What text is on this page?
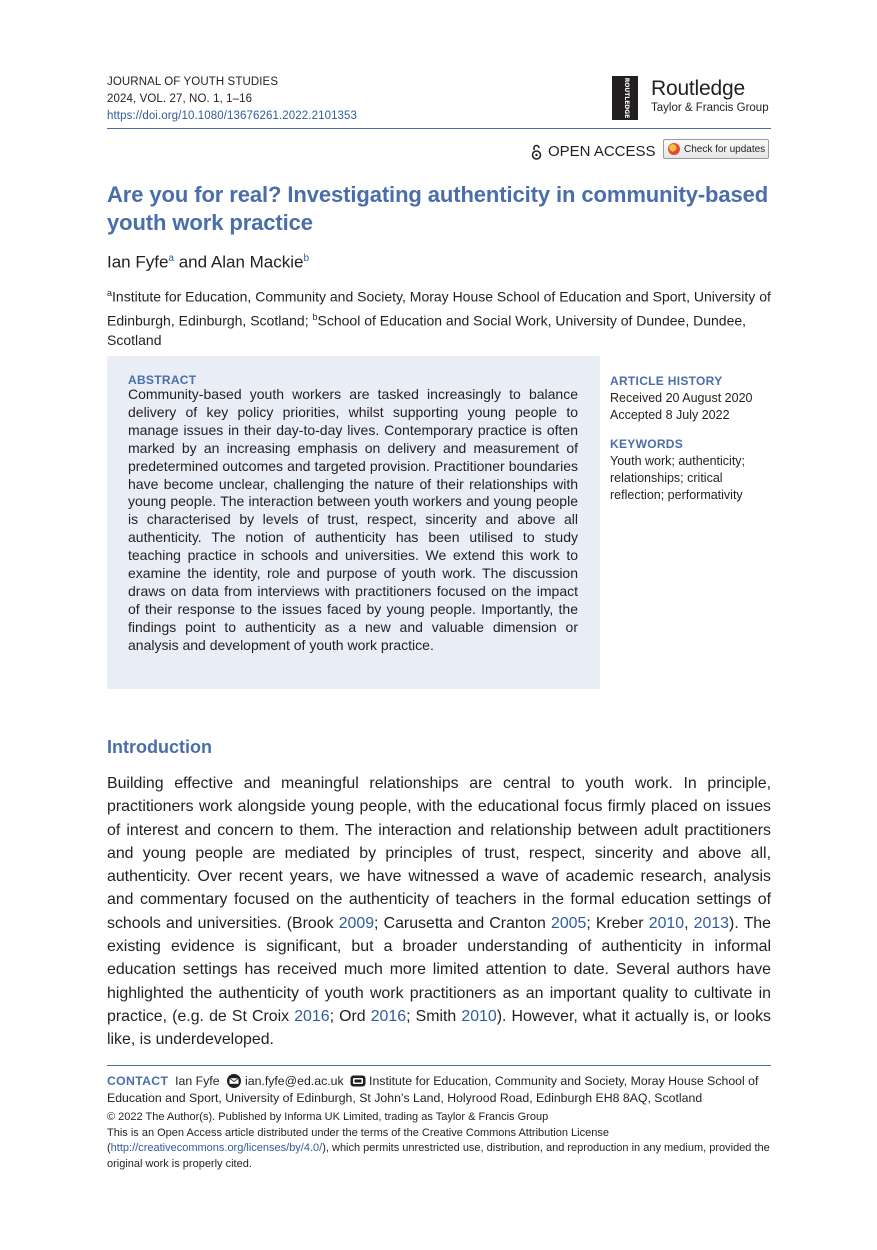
JOURNAL OF YOUTH STUDIES
2024, VOL. 27, NO. 1, 1–16
https://doi.org/10.1080/13676261.2022.2101353	ROUTLEDGE Routledge
Taylor & Francis Group
OPEN ACCESS	Check for updates
Are you for real? Investigating authenticity in community-based youth work practice
Ian Fyfe$^a$ and Alan Mackie$^b$
$^a$Institute for Education, Community and Society, Moray House School of Education and Sport, University of Edinburgh, Edinburgh, Scotland; $^b$School of Education and Social Work, University of Dundee, Dundee, Scotland
ABSTRACT
Community-based youth workers are tasked increasingly to balance delivery of key policy priorities, whilst supporting young people to manage issues in their day-to-day lives. Contemporary practice is often marked by an increasing emphasis on delivery and measurement of predetermined outcomes and targeted provision. Practitioner boundaries have become unclear, challenging the nature of their relationships with young people. The interaction between youth workers and young people is characterised by levels of trust, respect, sincerity and above all authenticity. The notion of authenticity has been utilised to study teaching practice in schools and universities. We extend this work to examine the identity, role and purpose of youth work. The discussion draws on data from interviews with practitioners focused on the impact of their response to the issues faced by young people. Importantly, the findings point to authenticity as a new and valuable dimension or analysis and development of youth work practice.
ARTICLE HISTORY
Received 20 August 2020
Accepted 8 July 2022
KEYWORDS
Youth work; authenticity; relationships; critical reflection; performativity
Introduction
Building effective and meaningful relationships are central to youth work. In principle, practitioners work alongside young people, with the educational focus firmly placed on issues of interest and concern to them. The interaction and relationship between adult practitioners and young people are mediated by principles of trust, respect, sincerity and above all, authenticity. Over recent years, we have witnessed a wave of academic research, analysis and commentary focused on the authenticity of teachers in the formal education settings of schools and universities. (Brook 2009; Carusetta and Cranton 2005; Kreber 2010, 2013). The existing evidence is significant, but a broader understanding of authenticity in informal education settings has received much more limited attention to date. Several authors have highlighted the authenticity of youth work practitioners as an important quality to cultivate in practice, (e.g. de St Croix 2016; Ord 2016; Smith 2010). However, what it actually is, or looks like, is underdeveloped.
CONTACT Ian Fyfe ian.fyfe@ed.ac.uk Institute for Education, Community and Society, Moray House School of Education and Sport, University of Edinburgh, St John’s Land, Holyrood Road, Edinburgh EH8 8AQ, Scotland
© 2022 The Author(s). Published by Informa UK Limited, trading as Taylor & Francis Group
This is an Open Access article distributed under the terms of the Creative Commons Attribution License (http://creativecommons.org/licenses/by/4.0/), which permits unrestricted use, distribution, and reproduction in any medium, provided the original work is properly cited.
